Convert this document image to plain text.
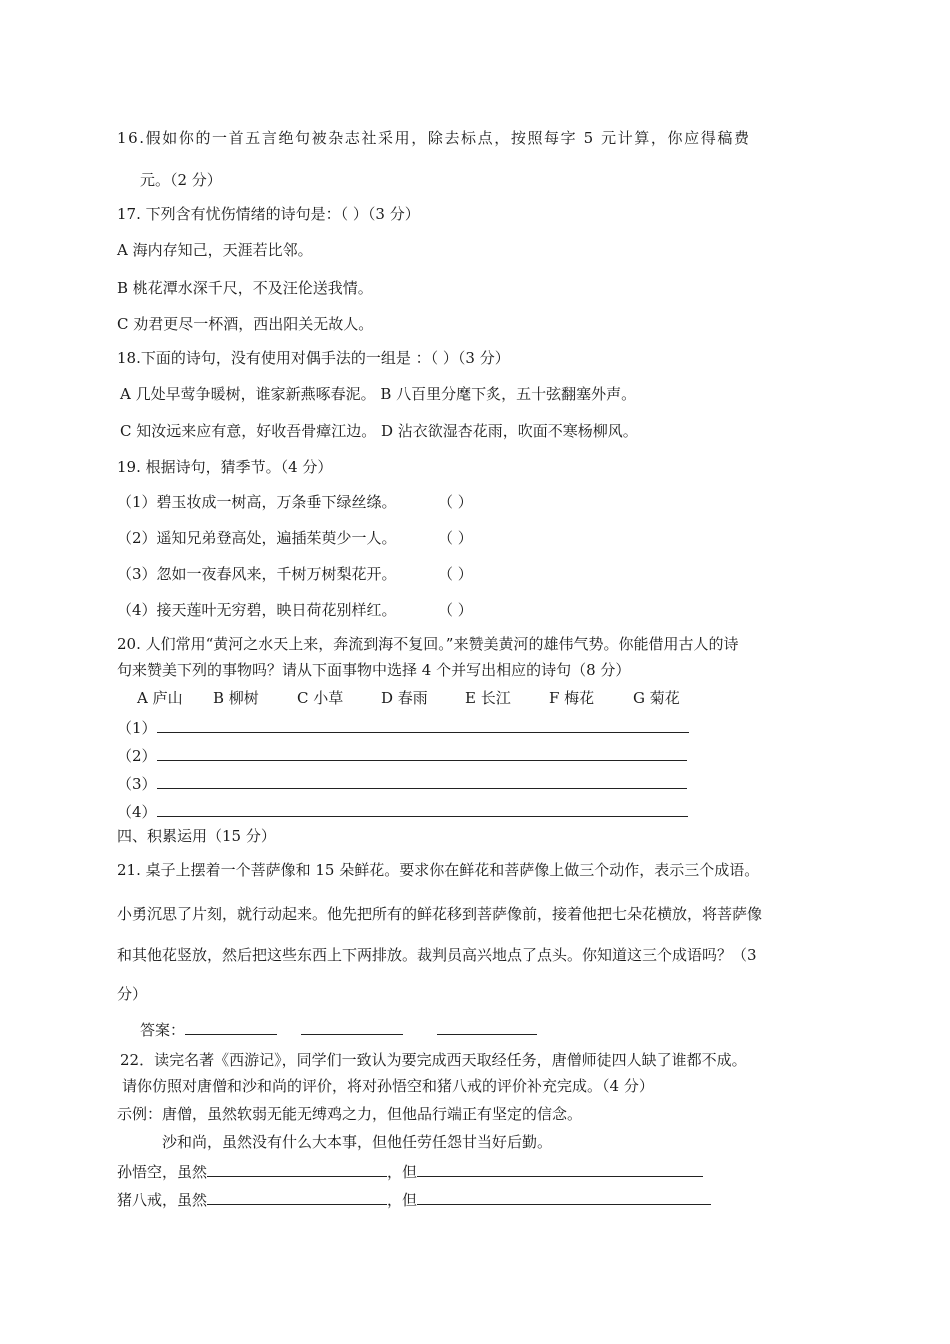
16.假如你的一首五言绝句被杂志社采用，除去标点，按照每字 5 元计算，你应得稿费
元。（2 分）
17. 下列含有忧伤情绪的诗句是：（ ）（3 分）
A 海内存知己，天涯若比邻。
B 桃花潭水深千尺，不及汪伦送我情。
C 劝君更尽一杯酒，西出阳关无故人。
18.下面的诗句，没有使用对偶手法的一组是 ：（ ）（3 分）
A 几处早莺争暖树，谁家新燕啄春泥。 B 八百里分麾下炙，五十弦翻塞外声。
C 知汝远来应有意，好收吾骨瘴江边。 D 沾衣欲湿杏花雨，吹面不寒杨柳风。
19. 根据诗句，猜季节。（4 分）
（1）碧玉妆成一树高，万条垂下绿丝绦。	（ ）
（2）遥知兄弟登高处，遍插茱萸少一人。	（ ）
（3）忽如一夜春风来，千树万树梨花开。	（ ）
（4）接天莲叶无穷碧，映日荷花别样红。	（ ）
20. 人们常用“黄河之水天上来，奔流到海不复回。”来赞美黄河的雄伟气势。你能借用古人的诗
句来赞美下列的事物吗？请从下面事物中选择 4 个并写出相应的诗句（8 分）
A 庐山 B 柳树	C 小草	D 春雨 E 长江	F 梅花	G 菊花
（1）
（2）
（3）
（4）
四、积累运用（15 分）
21. 桌子上摆着一个菩萨像和 15 朵鲜花。要求你在鲜花和菩萨像上做三个动作，表示三个成语。
小勇沉思了片刻，就行动起来。他先把所有的鲜花移到菩萨像前，接着他把七朵花横放，将菩萨像
和其他花竖放，然后把这些东西上下两排放。裁判员高兴地点了点头。你知道这三个成语吗？（3
分）
答案：
22．读完名著《西游记》，同学们一致认为要完成西天取经任务，唐僧师徒四人缺了谁都不成。
请你仿照对唐僧和沙和尚的评价，将对孙悟空和猪八戒的评价补充完成。（4 分）
示例：唐僧，虽然软弱无能无缚鸡之力，但他品行端正有坚定的信念。
沙和尚，虽然没有什么大本事，但他任劳任怨甘当好后勤。
孙悟空，虽然	，但
猪八戒，虽然	，但
